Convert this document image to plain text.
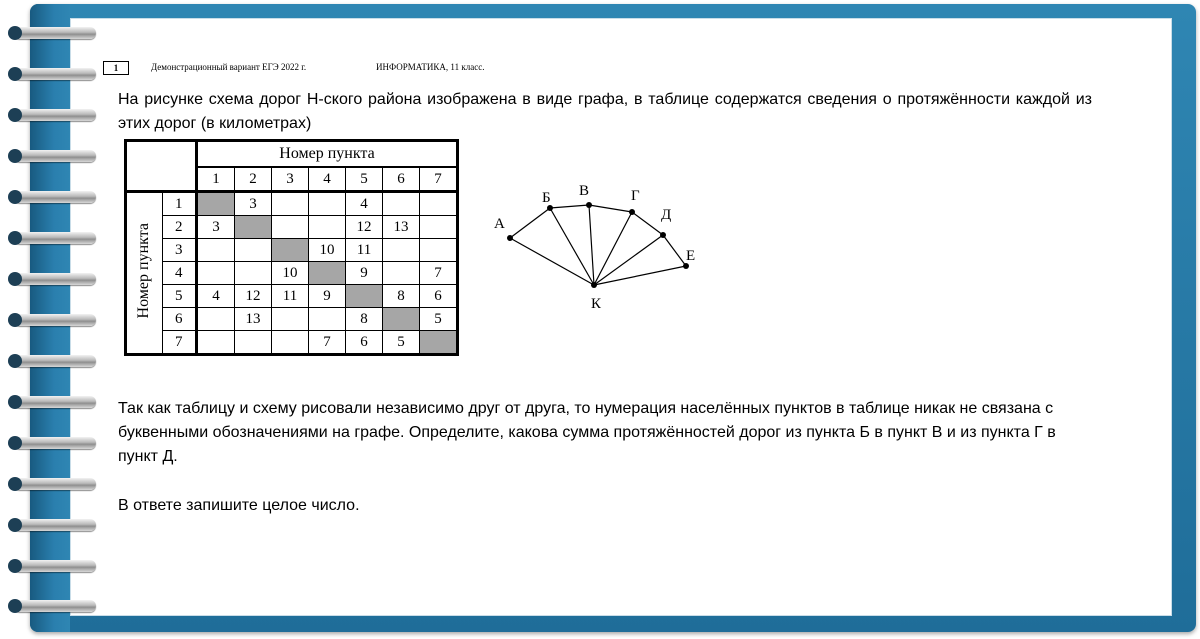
1	Демонстрационный вариант ЕГЭ 2022 г.	ИНФОРМАТИКА, 11 класс.
На рисунке схема дорог Н-ского района изображена в виде графа, в таблице содержатся сведения о протяжённости каждой из этих дорог (в километрах)
		Номер пункта						
		1	2	3	4	5	6	7
Номер пункта	1		3			4		
	2	3				12	13	
	3				10	11		
	4			10		9		7
	5	4	12	11	9		8	6
	6		13			8		5
	7				7	6	5	
А
Б В	Г
Д
Е
К
Так как таблицу и схему рисовали независимо друг от друга, то нумерация населённых пунктов в таблице никак не связана с буквенными обозначениями на графе. Определите, какова сумма протяжённостей дорог из пункта Б в пункт В и из пункта Г в пункт Д.
В ответе запишите целое число.
